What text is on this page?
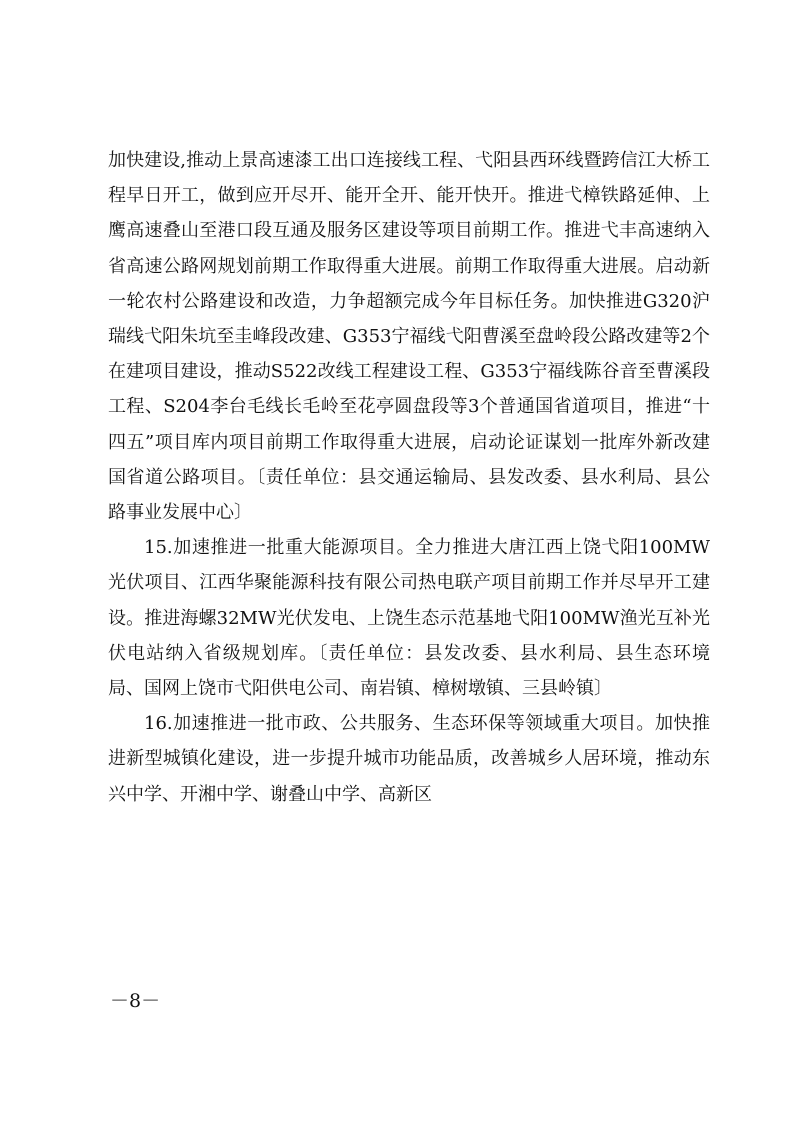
加快建设,推动上景高速漆工出口连接线工程、弋阳县西环线暨跨信江大桥工程早日开工，做到应开尽开、能开全开、能开快开。推进弋樟铁路延伸、上鹰高速叠山至港口段互通及服务区建设等项目前期工作。推进弋丰高速纳入省高速公路网规划前期工作取得重大进展。前期工作取得重大进展。启动新一轮农村公路建设和改造，力争超额完成今年目标任务。加快推进G320沪瑞线弋阳朱坑至圭峰段改建、G353宁福线弋阳曹溪至盘岭段公路改建等2个在建项目建设，推动S522改线工程建设工程、G353宁福线陈谷音至曹溪段工程、S204李台毛线长毛岭至花亭圆盘段等3个普通国省道项目，推进“十四五”项目库内项目前期工作取得重大进展，启动论证谋划一批库外新改建国省道公路项目。〔责任单位：县交通运输局、县发改委、县水利局、县公路事业发展中心〕

15.加速推进一批重大能源项目。全力推进大唐江西上饶弋阳100MW光伏项目、江西华聚能源科技有限公司热电联产项目前期工作并尽早开工建设。推进海螺32MW光伏发电、上饶生态示范基地弋阳100MW渔光互补光伏电站纳入省级规划库。〔责任单位：县发改委、县水利局、县生态环境局、国网上饶市弋阳供电公司、南岩镇、樟树墩镇、三县岭镇〕

16.加速推进一批市政、公共服务、生态环保等领域重大项目。加快推进新型城镇化建设，进一步提升城市功能品质，改善城乡人居环境，推动东兴中学、开湘中学、谢叠山中学、高新区

－8－
